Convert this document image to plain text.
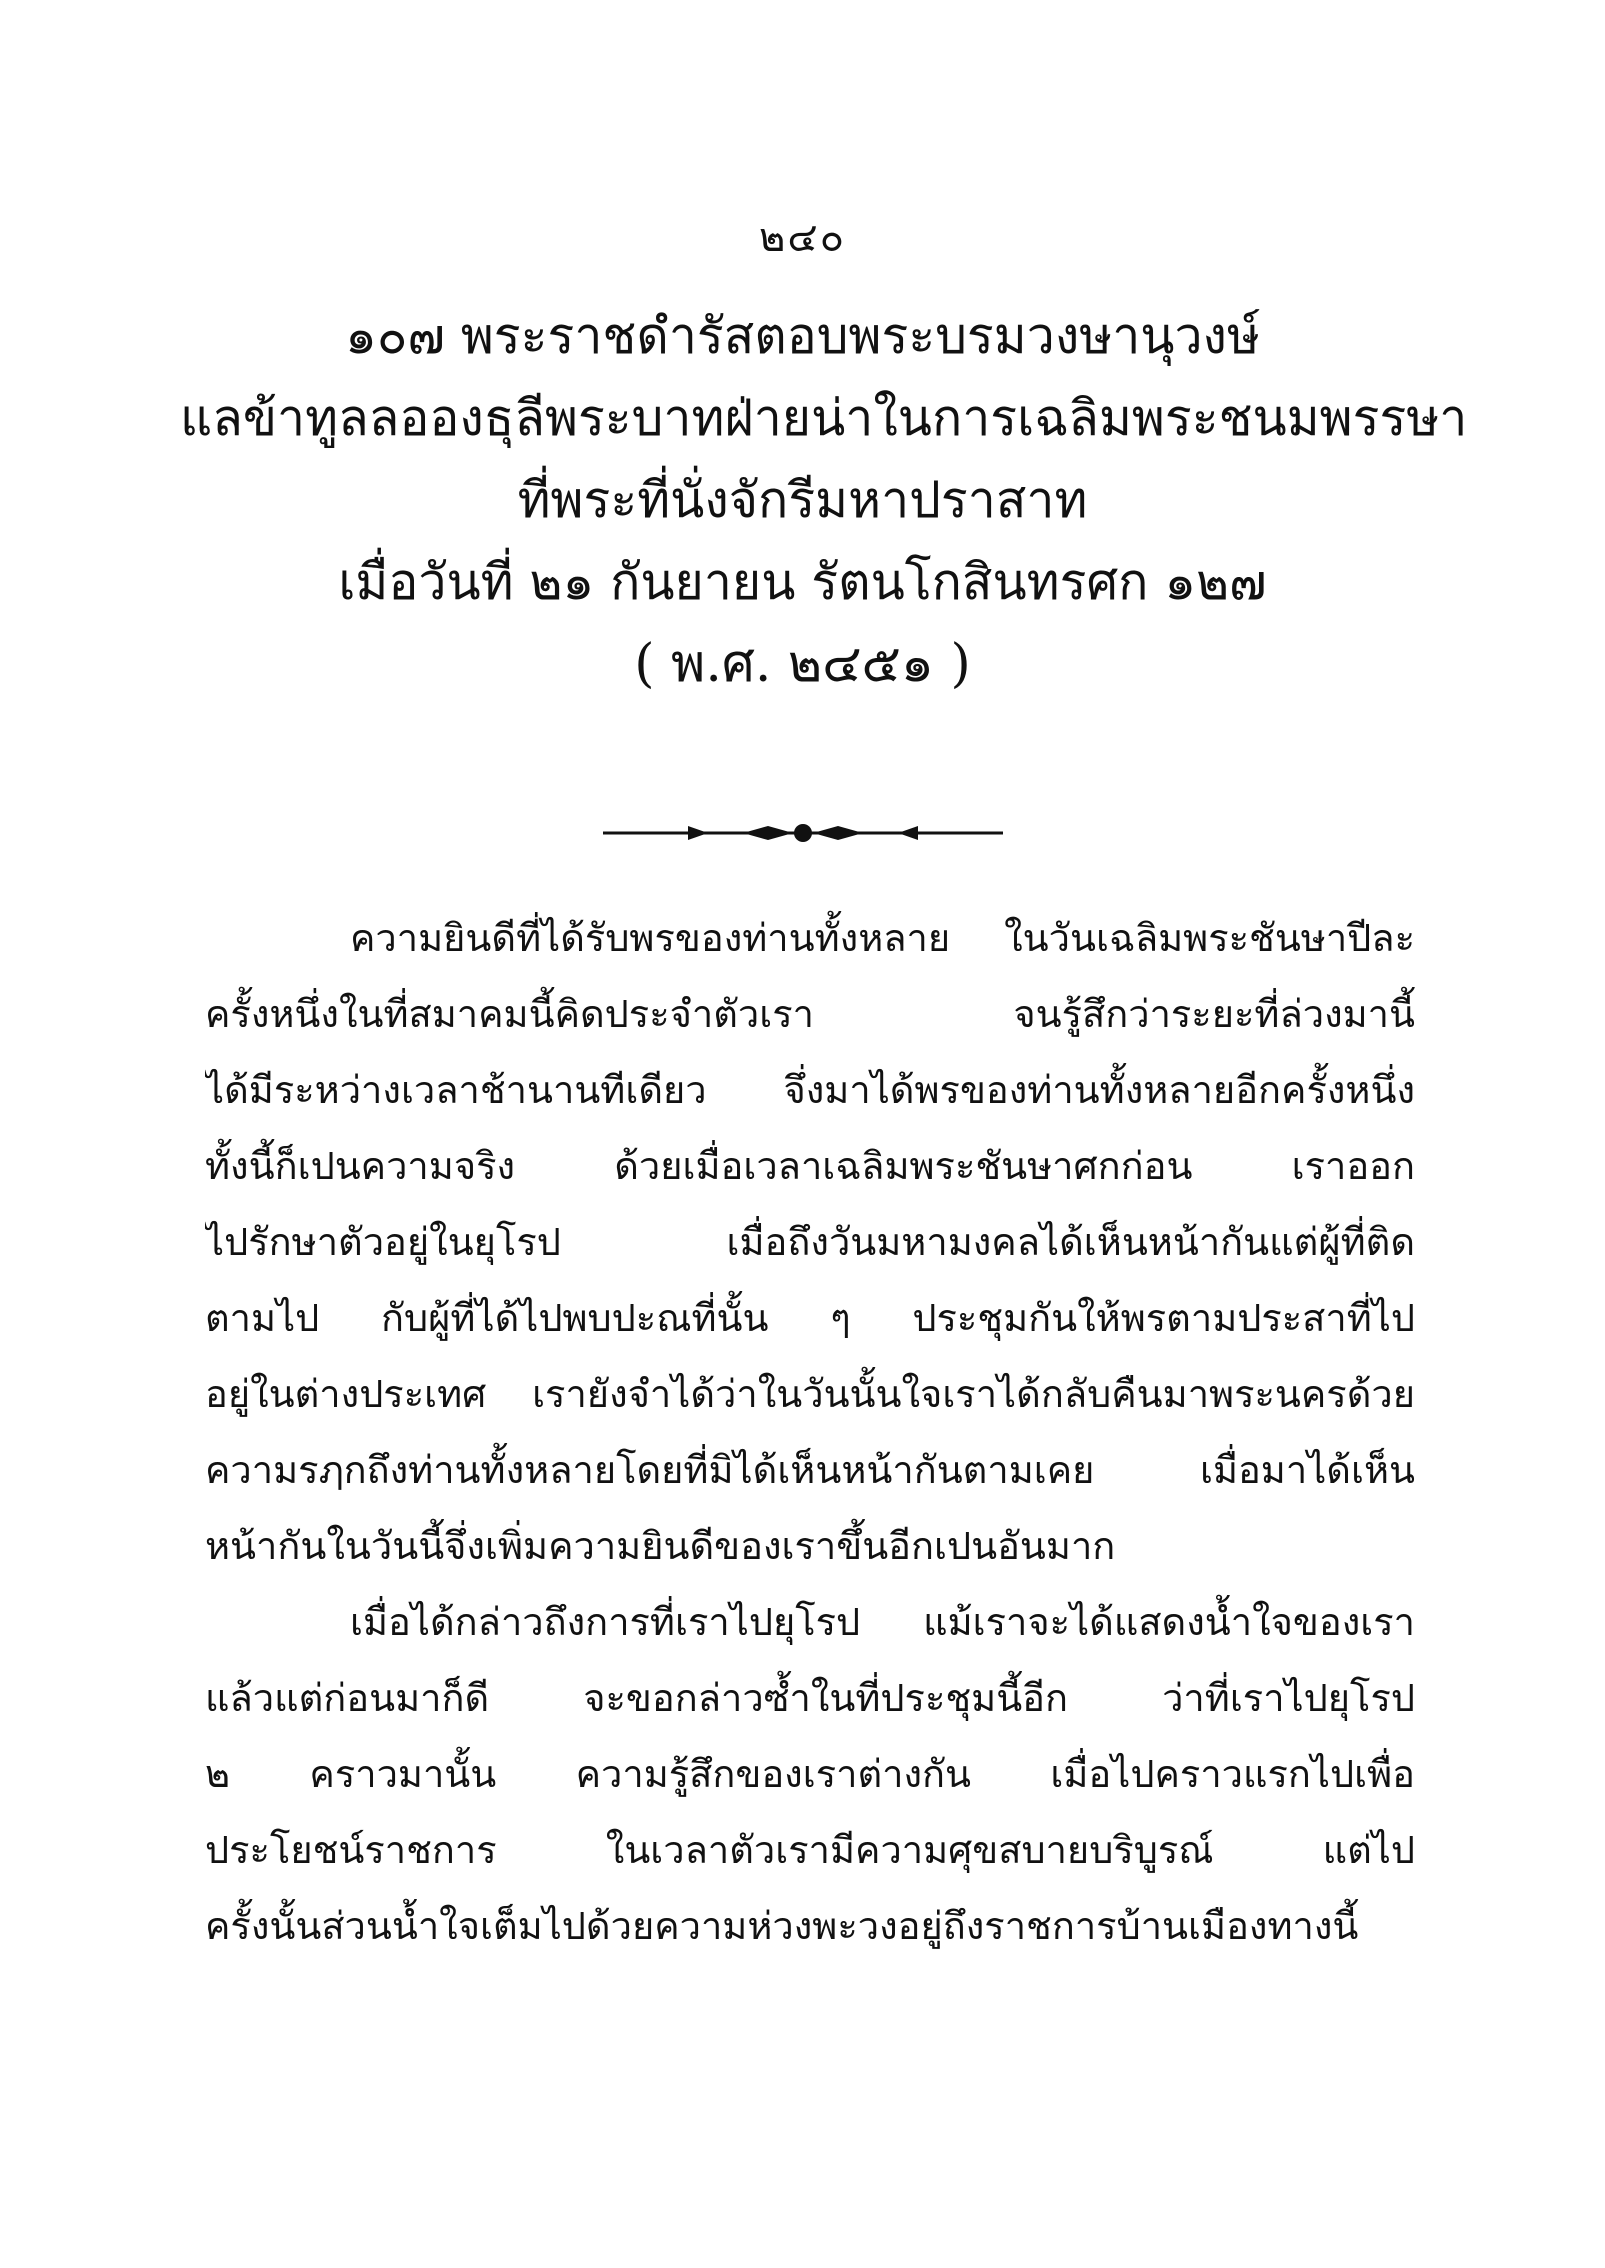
๒๔๐
๑๐๗ พระราชดำรัสตอบพระบรมวงษานุวงษ์
แลข้าทูลลอองธุลีพระบาทฝ่ายน่าในการเฉลิมพระชนมพรรษา
ที่พระที่นั่งจักรีมหาปราสาท
เมื่อวันที่ ๒๑ กันยายน รัตนโกสินทรศก ๑๒๗
( พ.ศ. ๒๔๕๑ )
ความยินดีที่ได้รับพรของท่านทั้งหลาย ในวันเฉลิมพระชันษาปีละ
ครั้งหนึ่งในที่สมาคมนี้คิดประจำตัวเรา จนรู้สึกว่าระยะที่ล่วงมานี้
ได้มีระหว่างเวลาช้านานทีเดียว จึ่งมาได้พรของท่านทั้งหลายอีกครั้งหนึ่ง
ทั้งนี้ก็เปนความจริง ด้วยเมื่อเวลาเฉลิมพระชันษาศกก่อน เราออก
ไปรักษาตัวอยู่ในยุโรป เมื่อถึงวันมหามงคลได้เห็นหน้ากันแต่ผู้ที่ติด
ตามไป กับผู้ที่ได้ไปพบปะณที่นั้น ๆ ประชุมกันให้พรตามประสาที่ไป
อยู่ในต่างประเทศ เรายังจำได้ว่าในวันนั้นใจเราได้กลับคืนมาพระนครด้วย
ความรฦกถึงท่านทั้งหลายโดยที่มิได้เห็นหน้ากันตามเคย เมื่อมาได้เห็น
หน้ากันในวันนี้จึ่งเพิ่มความยินดีของเราขึ้นอีกเปนอันมาก
เมื่อได้กล่าวถึงการที่เราไปยุโรป แม้เราจะได้แสดงน้ำใจของเรา
แล้วแต่ก่อนมาก็ดี จะขอกล่าวซ้ำในที่ประชุมนี้อีก ว่าที่เราไปยุโรป
๒ คราวมานั้น ความรู้สึกของเราต่างกัน เมื่อไปคราวแรกไปเพื่อ
ประโยชน์ราชการ ในเวลาตัวเรามีความศุขสบายบริบูรณ์ แต่ไป
ครั้งนั้นส่วนน้ำใจเต็มไปด้วยความห่วงพะวงอยู่ถึงราชการบ้านเมืองทางนี้
